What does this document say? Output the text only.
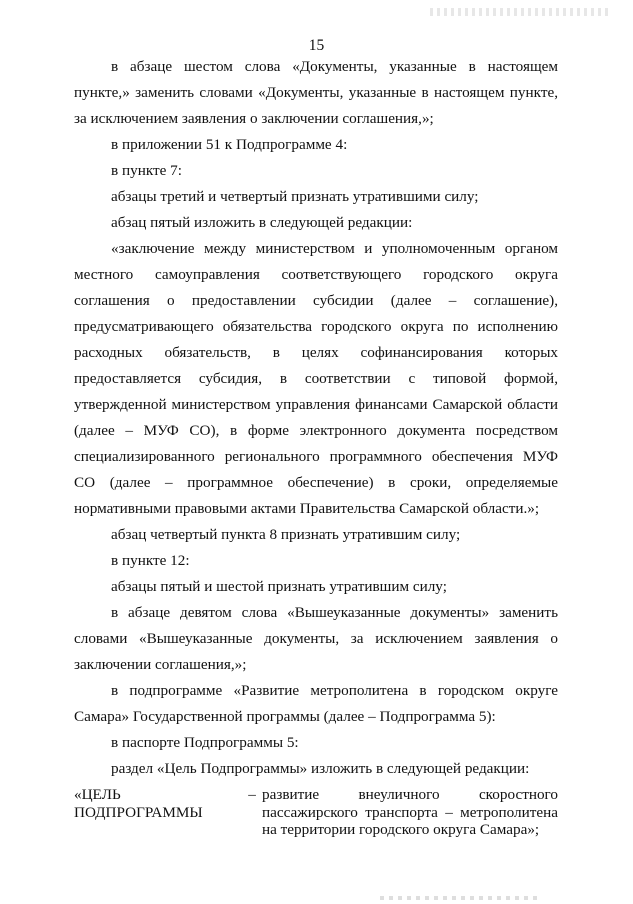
15

в абзаце шестом слова «Документы, указанные в настоящем пункте,» заменить словами «Документы, указанные в настоящем пункте, за исключением заявления о заключении соглашения,»;

в приложении 51 к Подпрограмме 4:

в пункте 7:

абзацы третий и четвертый признать утратившими силу;

абзац пятый изложить в следующей редакции:

«заключение между министерством и уполномоченным органом местного самоуправления соответствующего городского округа соглашения о предоставлении субсидии (далее – соглашение), предусматривающего обязательства городского округа по исполнению расходных обязательств, в целях софинансирования которых предоставляется субсидия, в соответствии с типовой формой, утвержденной министерством управления финансами Самарской области (далее – МУФ СО), в форме электронного документа посредством специализированного регионального программного обеспечения МУФ СО (далее – программное обеспечение) в сроки, определяемые нормативными правовыми актами Правительства Самарской области.»;

абзац четвертый пункта 8 признать утратившим силу;

в пункте 12:

абзацы пятый и шестой признать утратившим силу;

в абзаце девятом слова «Вышеуказанные документы» заменить словами «Вышеуказанные документы, за исключением заявления о заключении соглашения,»;

в подпрограмме «Развитие метрополитена в городском округе Самара» Государственной программы (далее – Подпрограмма 5):

в паспорте Подпрограммы 5:

раздел «Цель Подпрограммы» изложить в следующей редакции:

«ЦЕЛЬ
ПОДПРОГРАММЫ
– развитие внеуличного скоростного пассажирского транспорта – метрополитена на территории городского округа Самара»;
